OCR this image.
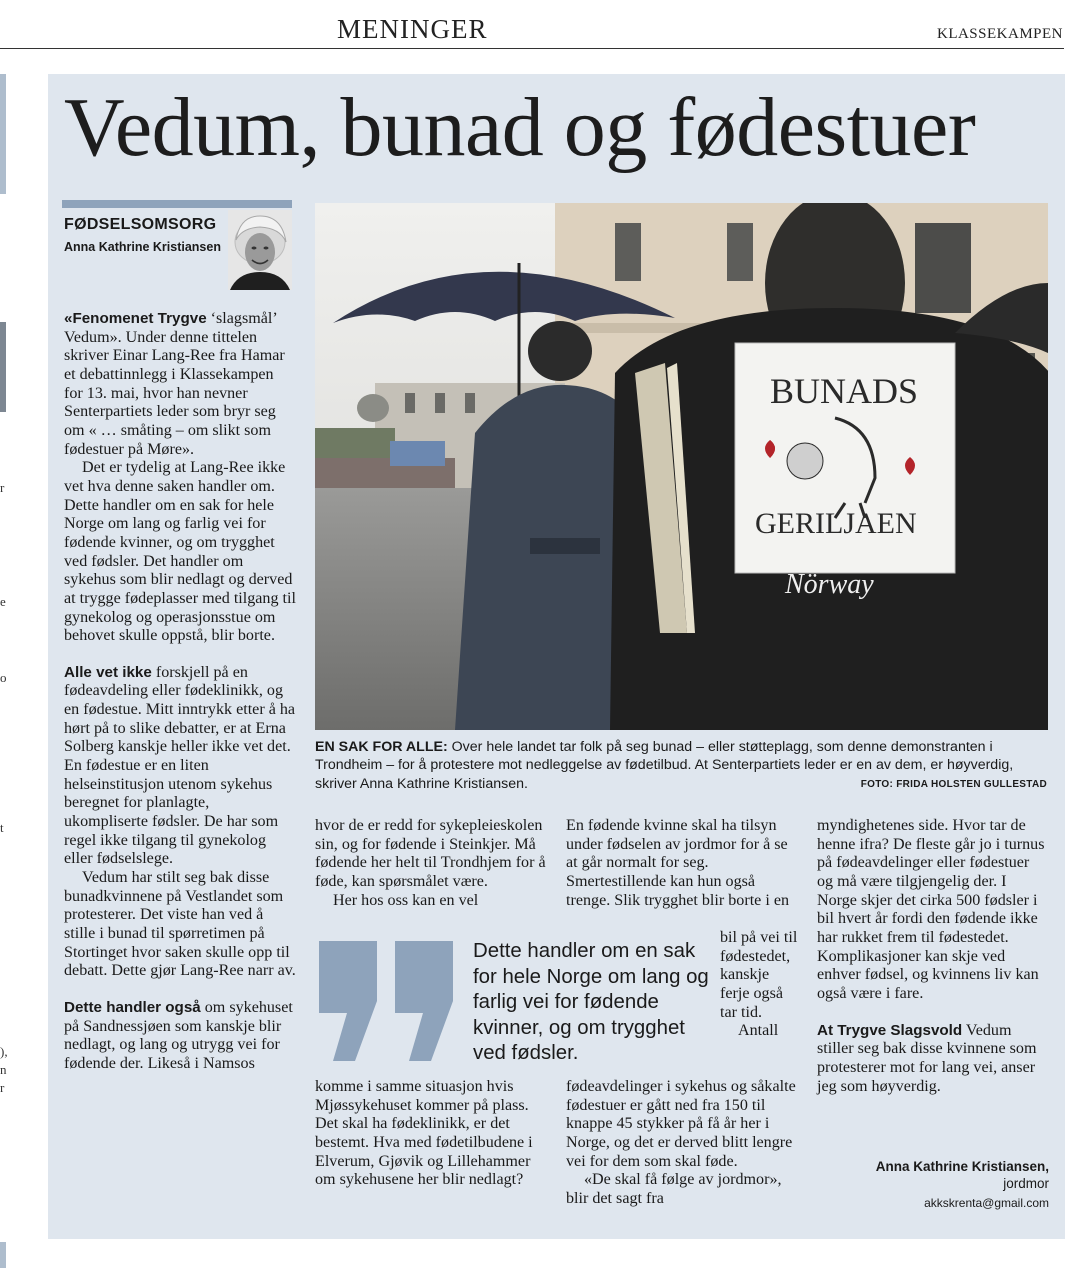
MENINGER	KLASSEKAMPEN
r
e
o
t
),
n
r
Vedum, bunad og fødestuer
FØDSELSOMSORG
Anna Kathrine Kristiansen
BUNADS
GERILJAEN
Nörway
EN SAK FOR ALLE: Over hele landet tar folk på seg bunad – eller støtteplagg, som denne demonstranten i Trondheim – for å protestere mot nedleggelse av fødetilbud. At Senterpartiets leder er en av dem, er høyverdig, skriver Anna Kathrine Kristiansen.	FOTO: FRIDA HOLSTEN GULLESTAD

«Fenomenet Trygve ‘slagsmål’ Vedum». Under denne tittelen skriver Einar Lang-Ree fra Hamar et debattinnlegg i Klassekampen for 13. mai, hvor han nevner Senterpartiets leder som bryr seg om « … småting – om slikt som fødestuer på Møre».

Det er tydelig at Lang-Ree ikke vet hva denne saken handler om. Dette handler om en sak for hele Norge om lang og farlig vei for fødende kvinner, og om trygghet ved fødsler. Det handler om sykehus som blir nedlagt og derved at trygge fødeplasser med tilgang til gynekolog og operasjonsstue om behovet skulle oppstå, blir borte.

Alle vet ikke forskjell på en fødeavdeling eller fødeklinikk, og en fødestue. Mitt inntrykk etter å ha hørt på to slike debatter, er at Erna Solberg kanskje heller ikke vet det. En fødestue er en liten helseinstitusjon utenom sykehus beregnet for planlagte, ukompliserte fødsler. De har som regel ikke tilgang til gynekolog eller fødselslege.

Vedum har stilt seg bak disse bunadkvinnene på Vestlandet som protesterer. Det viste han ved å stille i bunad til spørretimen på Stortinget hvor saken skulle opp til debatt. Dette gjør Lang-Ree narr av.

Dette handler også om sykehuset på Sandnessjøen som kanskje blir nedlagt, og lang og utrygg vei for fødende der. Likeså i Namsos

hvor de er redd for sykepleieskolen sin, og for fødende i Steinkjer. Må fødende her helt til Trondhjem for å føde, kan spørsmålet være.

Her hos oss kan en vel

En fødende kvinne skal ha tilsyn under fødselen av jordmor for å se at går normalt for seg. Smertestillende kan hun også trenge. Slik trygghet blir borte i en

bil på vei til fødestedet, kanskje ferje også tar tid.

Antall

Dette handler om en sak for hele Norge om lang og farlig vei for fødende kvinner, og om trygghet ved fødsler.

komme i samme situasjon hvis Mjøssykehuset kommer på plass. Det skal ha fødeklinikk, er det bestemt. Hva med fødetilbudene i Elverum, Gjøvik og Lillehammer om sykehusene her blir nedlagt?

fødeavdelinger i sykehus og såkalte fødestuer er gått ned fra 150 til knappe 45 stykker på få år her i Norge, og det er derved blitt lengre vei for dem som skal føde.

«De skal få følge av jordmor», blir det sagt fra

myndighetenes side. Hvor tar de henne ifra? De fleste går jo i turnus på fødeavdelinger eller fødestuer og må være tilgjengelig der. I Norge skjer det cirka 500 fødsler i bil hvert år fordi den fødende ikke har rukket frem til fødestedet. Komplikasjoner kan skje ved enhver fødsel, og kvinnens liv kan også være i fare.

At Trygve Slagsvold Vedum stiller seg bak disse kvinnene som protesterer mot for lang vei, anser jeg som høyverdig.

Anna Kathrine Kristiansen,
jordmor
akkskrenta@gmail.com
